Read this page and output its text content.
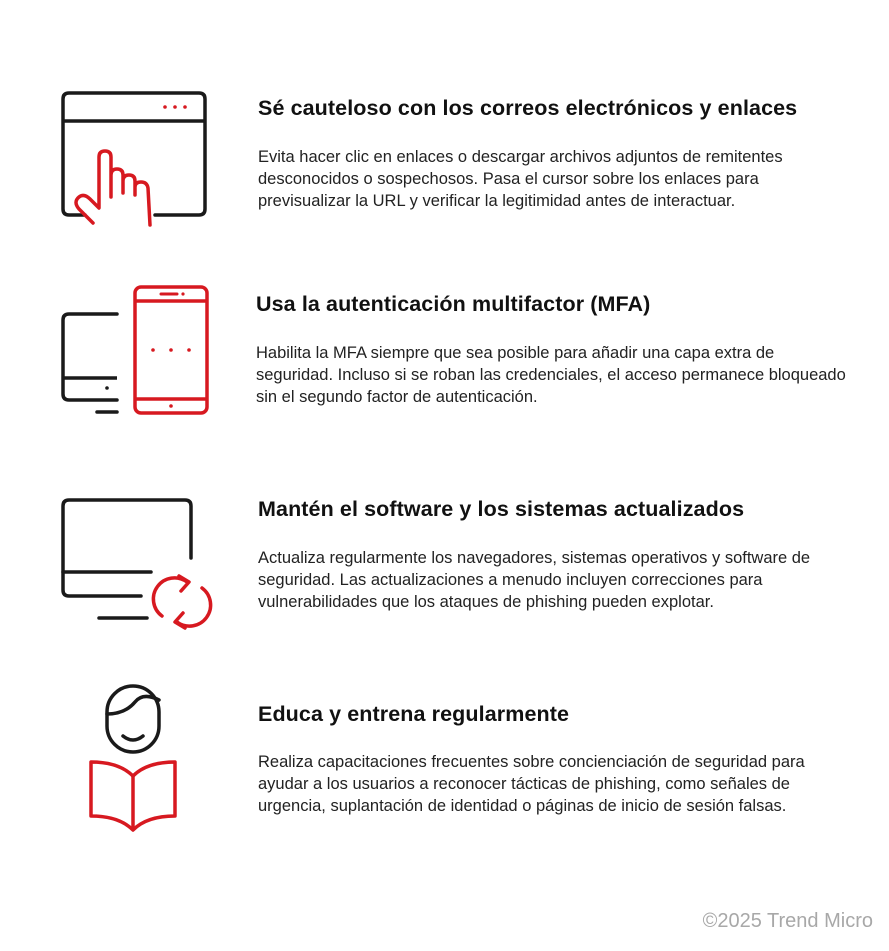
Sé cauteloso con los correos electrónicos y enlaces

Evita hacer clic en enlaces o descargar archivos adjuntos de remitentes desconocidos o sospechosos. Pasa el cursor sobre los enlaces para previsualizar la URL y verificar la legitimidad antes de interactuar.

Usa la autenticación multifactor (MFA)

Habilita la MFA siempre que sea posible para añadir una capa extra de seguridad. Incluso si se roban las credenciales, el acceso permanece bloqueado sin el segundo factor de autenticación.

Mantén el software y los sistemas actualizados

Actualiza regularmente los navegadores, sistemas operativos y software de seguridad. Las actualizaciones a menudo incluyen correcciones para vulnerabilidades que los ataques de phishing pueden explotar.

Educa y entrena regularmente

Realiza capacitaciones frecuentes sobre concienciación de seguridad para ayudar a los usuarios a reconocer tácticas de phishing, como señales de urgencia, suplantación de identidad o páginas de inicio de sesión falsas.

©2025 Trend Micro
